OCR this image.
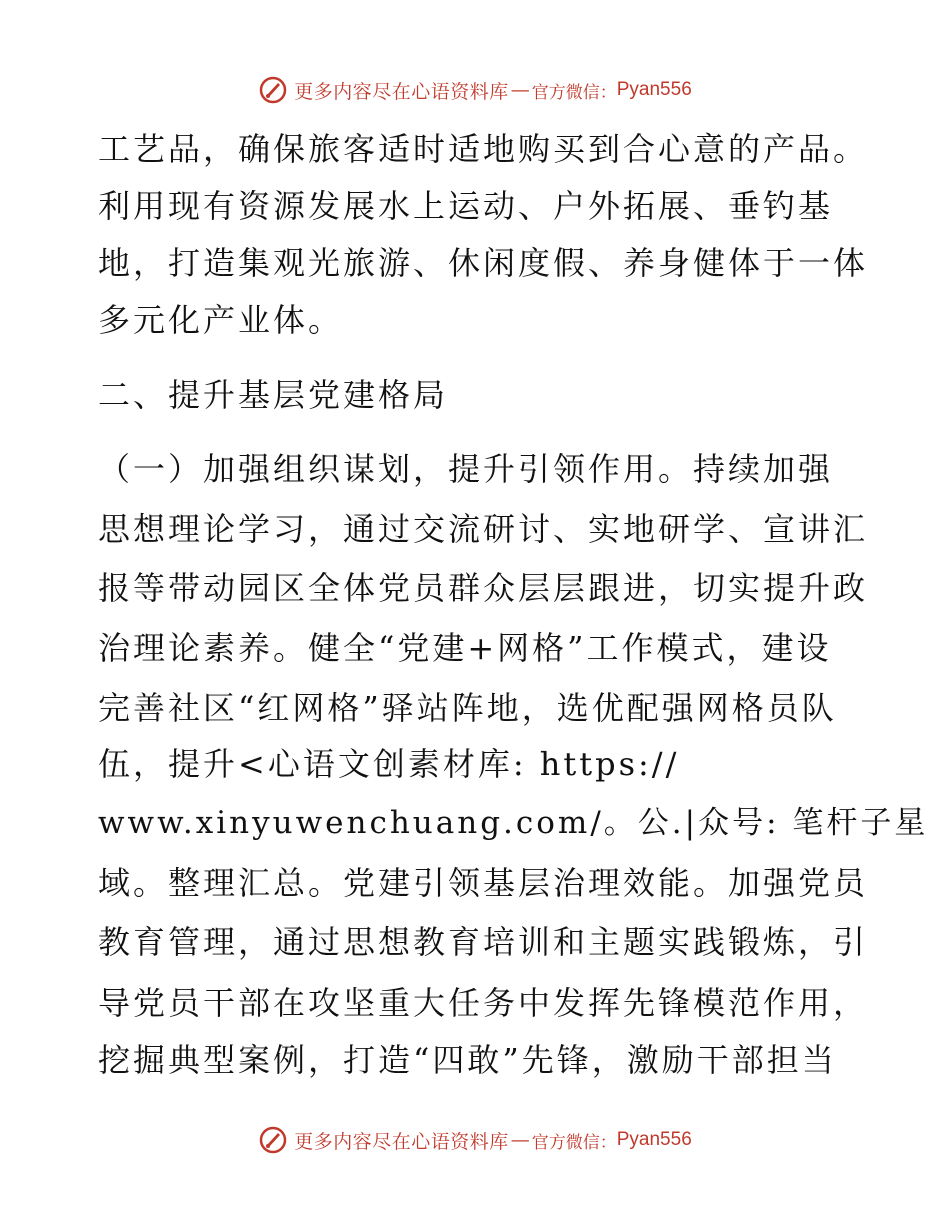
更多内容尽在心语资料库 — 官方微信： Pyan556
工艺品，确保旅客适时适地购买到合心意的产品。
利用现有资源发展水上运动、户外拓展、垂钓基
地，打造集观光旅游、休闲度假、养身健体于一体
多元化产业体。
二、提升基层党建格局
（一）加强组织谋划，提升引领作用。持续加强
思想理论学习，通过交流研讨、实地研学、宣讲汇
报等带动园区全体党员群众层层跟进，切实提升政
治理论素养。健全“党建+网格”工作模式，建设
完善社区“红网格”驿站阵地，选优配强网格员队
伍，提升<心语文创素材库: https://
www.xinyuwenchuang.com/。公.|众号: 笔杆子星
域。整理汇总。党建引领基层治理效能。加强党员
教育管理，通过思想教育培训和主题实践锻炼，引
导党员干部在攻坚重大任务中发挥先锋模范作用，
挖掘典型案例，打造“四敢”先锋，激励干部担当
更多内容尽在心语资料库 — 官方微信： Pyan556
